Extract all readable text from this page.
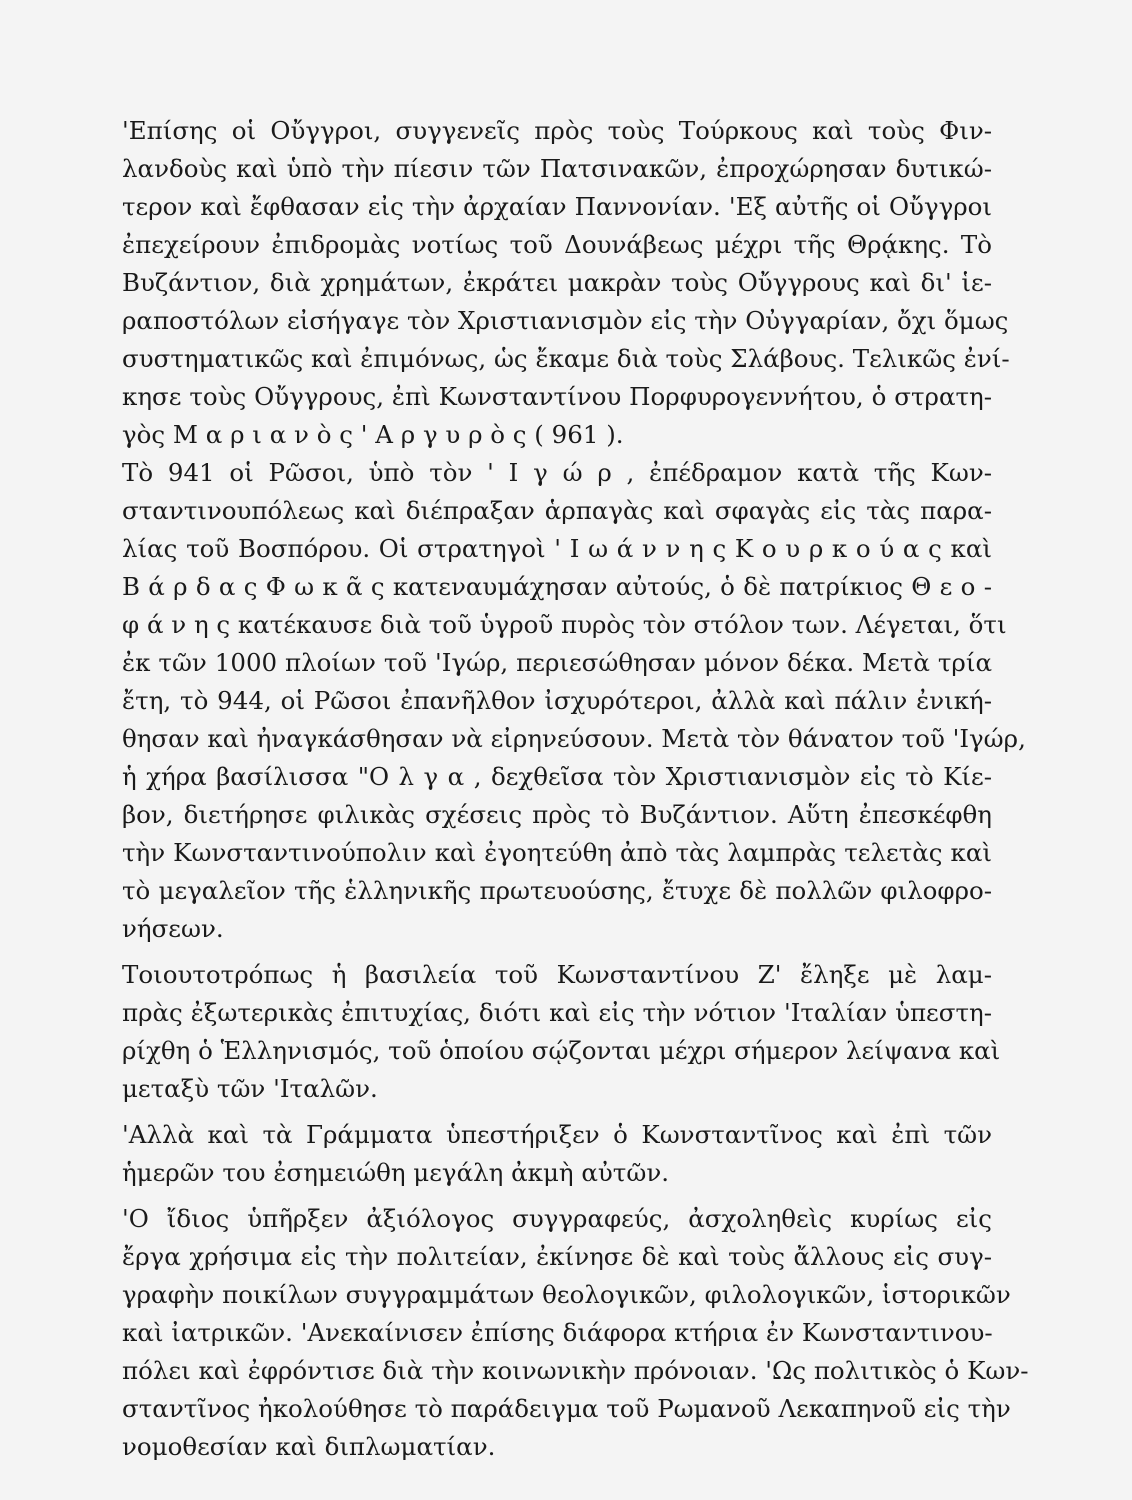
'Επίσης οἱ Οὔγγροι, συγγενεῖς πρὸς τοὺς Τούρκους καὶ τοὺς Φιν-
λανδοὺς καὶ ὑπὸ τὴν πίεσιν τῶν Πατσινακῶν, ἐπροχώρησαν δυτικώ-
τερον καὶ ἔφθασαν εἰς τὴν ἀρχαίαν Παννονίαν. 'Εξ αὐτῆς οἱ Οὔγγροι
ἐπεχείρουν ἐπιδρομὰς νοτίως τοῦ Δουνάβεως μέχρι τῆς Θρᾴκης. Τὸ
Βυζάντιον, διὰ χρημάτων, ἐκράτει μακρὰν τοὺς Οὔγγρους καὶ δι' ἱε-
ραποστόλων εἰσήγαγε τὸν Χριστιανισμὸν εἰς τὴν Οὐγγαρίαν, ὄχι ὅμως
συστηματικῶς καὶ ἐπιμόνως, ὡς ἔκαμε διὰ τοὺς Σλάβους. Τελικῶς ἐνί-
κησε τοὺς Οὔγγρους, ἐπὶ Κωνσταντίνου Πορφυρογεννήτου, ὁ στρατη-
γὸς Μ α ρ ι α ν ὸ ς ' Α ρ γ υ ρ ὸ ς ( 961 ).
Τὸ 941 οἱ Ρῶσοι, ὑπὸ τὸν ' Ι γ ώ ρ , ἐπέδραμον κατὰ τῆς Κων-
σταντινουπόλεως καὶ διέπραξαν ἁρπαγὰς καὶ σφαγὰς εἰς τὰς παρα-
λίας τοῦ Βοσπόρου. Οἱ στρατηγοὶ ' Ι ω ά ν ν η ς Κ ο υ ρ κ ο ύ α ς καὶ
Β ά ρ δ α ς Φ ω κ ᾶ ς κατεναυμάχησαν αὐτούς, ὁ δὲ πατρίκιος Θ ε ο -
φ ά ν η ς κατέκαυσε διὰ τοῦ ὑγροῦ πυρὸς τὸν στόλον των. Λέγεται, ὅτι
ἐκ τῶν 1000 πλοίων τοῦ 'Ιγώρ, περιεσώθησαν μόνον δέκα. Μετὰ τρία
ἔτη, τὸ 944, οἱ Ρῶσοι ἐπανῆλθον ἰσχυρότεροι, ἀλλὰ καὶ πάλιν ἐνική-
θησαν καὶ ἠναγκάσθησαν νὰ εἰρηνεύσουν. Μετὰ τὸν θάνατον τοῦ 'Ιγώρ,
ἡ χήρα βασίλισσα "Ο λ γ α , δεχθεῖσα τὸν Χριστιανισμὸν εἰς τὸ Κίε-
βον, διετήρησε φιλικὰς σχέσεις πρὸς τὸ Βυζάντιον. Αὕτη ἐπεσκέφθη
τὴν Κωνσταντινούπολιν καὶ ἐγοητεύθη ἀπὸ τὰς λαμπρὰς τελετὰς καὶ
τὸ μεγαλεῖον τῆς ἑλληνικῆς πρωτευούσης, ἔτυχε δὲ πολλῶν φιλοφρο-
νήσεων.
Τοιουτοτρόπως ἡ βασιλεία τοῦ Κωνσταντίνου Ζ' ἔληξε μὲ λαμ-
πρὰς ἐξωτερικὰς ἐπιτυχίας, διότι καὶ εἰς τὴν νότιον 'Ιταλίαν ὑπεστη-
ρίχθη ὁ Ἑλληνισμός, τοῦ ὁποίου σῴζονται μέχρι σήμερον λείψανα καὶ
μεταξὺ τῶν 'Ιταλῶν.
'Αλλὰ καὶ τὰ Γράμματα ὑπεστήριξεν ὁ Κωνσταντῖνος καὶ ἐπὶ τῶν
ἡμερῶν του ἐσημειώθη μεγάλη ἀκμὴ αὐτῶν.
'Ο ἴδιος ὑπῆρξεν ἀξιόλογος συγγραφεύς, ἀσχοληθεὶς κυρίως εἰς
ἔργα χρήσιμα εἰς τὴν πολιτείαν, ἐκίνησε δὲ καὶ τοὺς ἄλλους εἰς συγ-
γραφὴν ποικίλων συγγραμμάτων θεολογικῶν, φιλολογικῶν, ἱστορικῶν
καὶ ἰατρικῶν. 'Ανεκαίνισεν ἐπίσης διάφορα κτήρια ἐν Κωνσταντινου-
πόλει καὶ ἐφρόντισε διὰ τὴν κοινωνικὴν πρόνοιαν. 'Ως πολιτικὸς ὁ Κων-
σταντῖνος ἠκολούθησε τὸ παράδειγμα τοῦ Ρωμανοῦ Λεκαπηνοῦ εἰς τὴν
νομοθεσίαν καὶ διπλωματίαν.
